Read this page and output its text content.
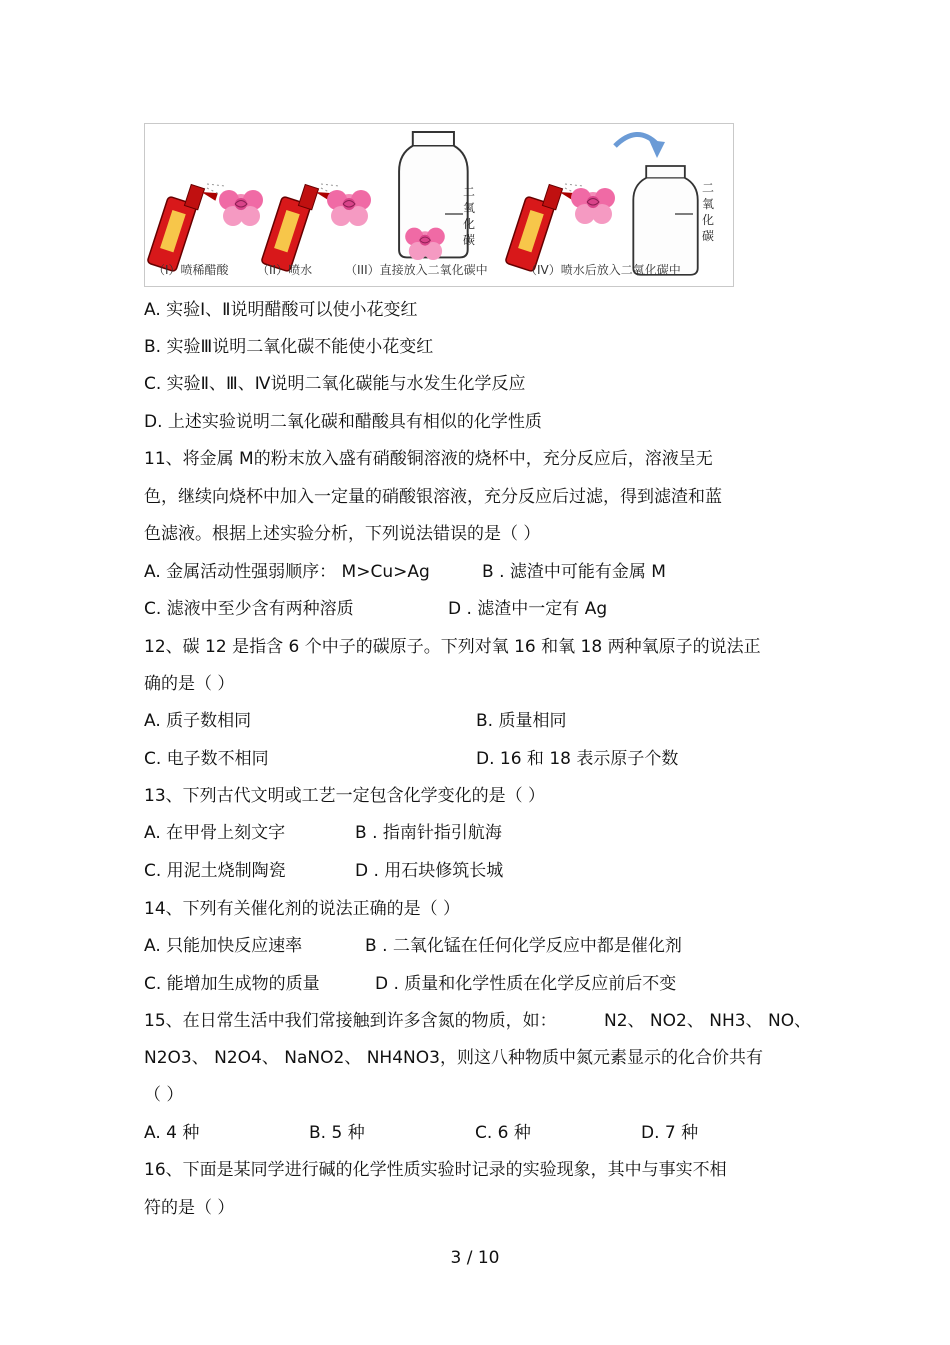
二氧化碳
二氧化碳
（I）喷稀醋酸 （II）喷水	（III）直接放入二氧化碳中	（IV）喷水后放入二氧化碳中
A. 实验Ⅰ、Ⅱ说明醋酸可以使小花变红
B. 实验Ⅲ说明二氧化碳不能使小花变红
C. 实验Ⅱ、Ⅲ、Ⅳ说明二氧化碳能与水发生化学反应
D. 上述实验说明二氧化碳和醋酸具有相似的化学性质
11、将金属 M的粉末放入盛有硝酸铜溶液的烧杯中，充分反应后，溶液呈无
色，继续向烧杯中加入一定量的硝酸银溶液，充分反应后过滤，得到滤渣和蓝
色滤液。根据上述实验分析，下列说法错误的是（ ）
A. 金属活动性强弱顺序： M>Cu>Ag	B . 滤渣中可能有金属 M
C. 滤液中至少含有两种溶质	D . 滤渣中一定有 Ag
12、碳 12 是指含 6 个中子的碳原子。下列对氧 16 和氧 18 两种氧原子的说法正
确的是（ ）
A. 质子数相同	B. 质量相同
C. 电子数不相同	D. 16 和 18 表示原子个数
13、下列古代文明或工艺一定包含化学变化的是（ ）
A. 在甲骨上刻文字	B . 指南针指引航海
C. 用泥土烧制陶瓷	D . 用石块修筑长城
14、下列有关催化剂的说法正确的是（ ）
A. 只能加快反应速率	B . 二氧化锰在任何化学反应中都是催化剂
C. 能增加生成物的质量	D . 质量和化学性质在化学反应前后不变
15、在日常生活中我们常接触到许多含氮的物质，如：	N2、 NO2、 NH3、 NO、
N2O3、 N2O4、 NaNO2、 NH4NO3，则这八种物质中氮元素显示的化合价共有
（ ）
A. 4 种	B. 5 种	C. 6 种	D. 7 种
16、下面是某同学进行碱的化学性质实验时记录的实验现象，其中与事实不相
符的是（ ）
3 / 10
